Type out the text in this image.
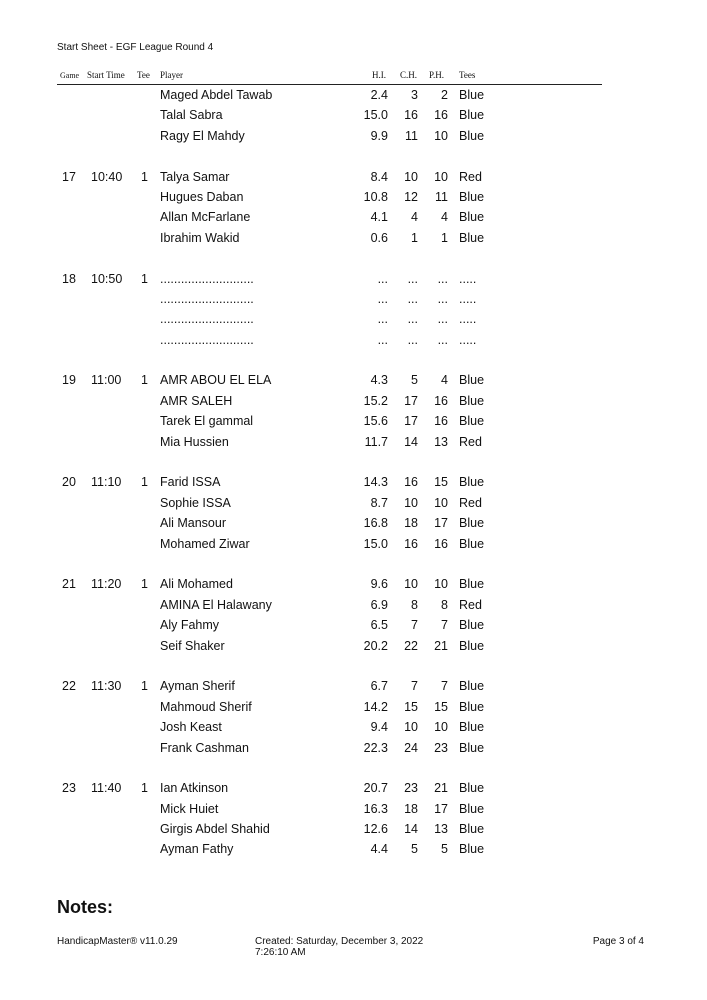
Start Sheet - EGF League Round 4
Game Start Time Tee Player	H.I. C.H. P.H. Tees
Maged Abdel Tawab	2.4 3 2 Blue
Talal Sabra	15.0 16 16 Blue
Ragy El Mahdy	9.9 11 10 Blue
17 10:40	1 Talya Samar	8.4 10 10 Red
Hugues Daban	10.8 12 11 Blue
Allan McFarlane	4.1 4 4 Blue
Ibrahim Wakid	0.6 1 1 Blue
18 10:50	1 ...........................	... ... ... .....
...........................	... ... ... .....
...........................	... ... ... .....
...........................	... ... ... .....
19 11:00	1 AMR ABOU EL ELA	4.3 5 4 Blue
AMR SALEH	15.2 17 16 Blue
Tarek El gammal	15.6 17 16 Blue
Mia Hussien	11.7 14 13 Red
20 11:10	1 Farid ISSA	14.3 16 15 Blue
Sophie ISSA	8.7 10 10 Red
Ali Mansour	16.8 18 17 Blue
Mohamed Ziwar	15.0 16 16 Blue
21 11:20	1 Ali Mohamed	9.6 10 10 Blue
AMINA El Halawany	6.9 8 8 Red
Aly Fahmy	6.5 7 7 Blue
Seif Shaker	20.2 22 21 Blue
22 11:30	1 Ayman Sherif	6.7 7 7 Blue
Mahmoud Sherif	14.2 15 15 Blue
Josh Keast	9.4 10 10 Blue
Frank Cashman	22.3 24 23 Blue
23 11:40	1 Ian Atkinson	20.7 23 21 Blue
Mick Huiet	16.3 18 17 Blue
Girgis Abdel Shahid	12.6 14 13 Blue
Ayman Fathy	4.4 5 5 Blue
Notes:
HandicapMaster® v11.0.29	Created: Saturday, December 3, 2022 7:26:10 AM
Page 3 of 4
